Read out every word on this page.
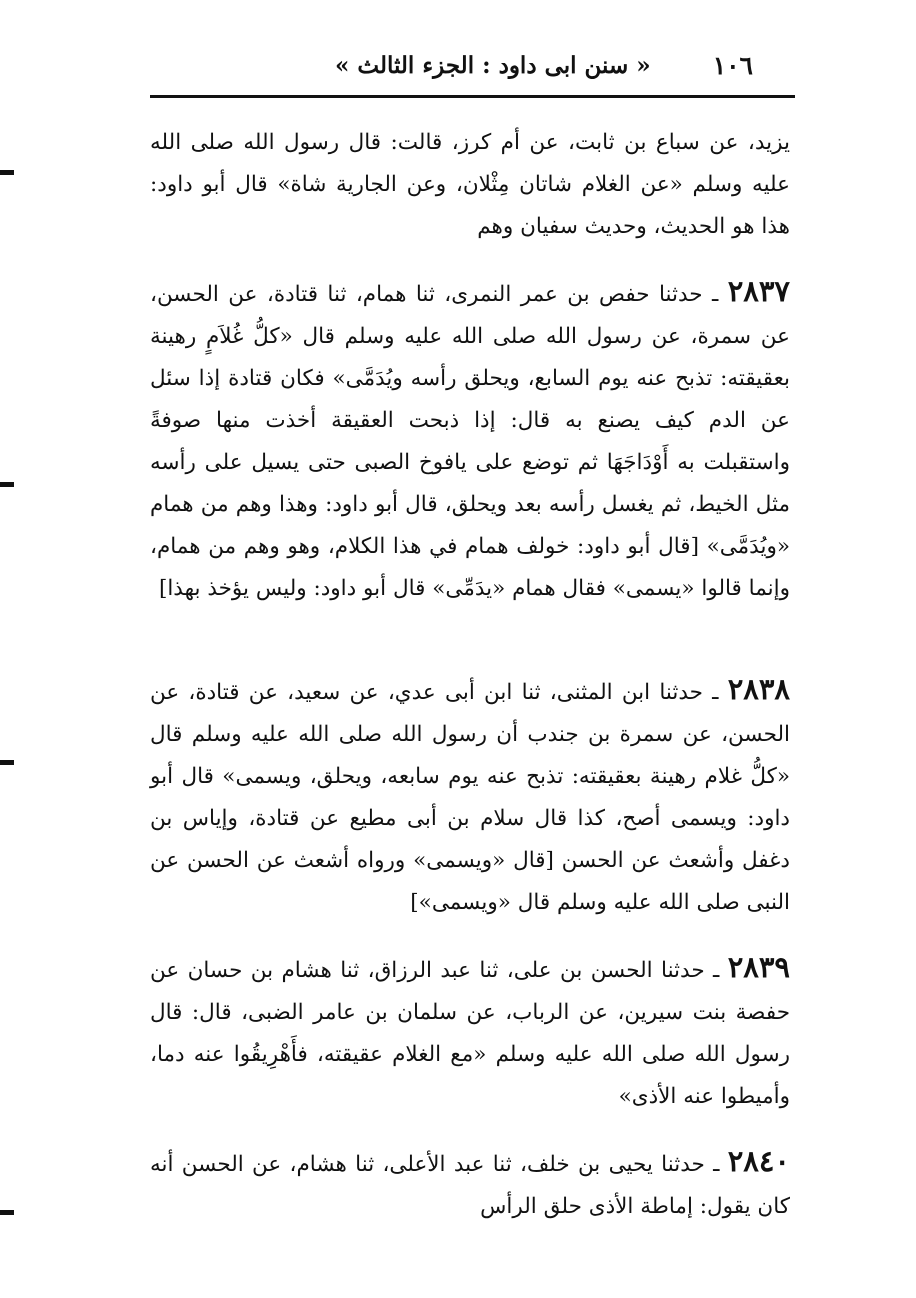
١٠٦
« سنن ابی داود : الجزء الثالث »

يزيد، عن سباع بن ثابت، عن أم كرز، قالت: قال رسول الله صلى الله عليه وسلم «عن الغلام شاتان مِثْلان، وعن الجارية شاة» قال أبو داود: هذا هو الحديث، وحديث سفيان وهم

٢٨٣٧ ـ حدثنا حفص بن عمر النمرى، ثنا همام، ثنا قتادة، عن الحسن، عن سمرة، عن رسول الله صلى الله عليه وسلم قال «كلُّ غُلاَمٍ رهينة بعقيقته: تذبح عنه يوم السابع، ويحلق رأسه ويُدَمَّى» فكان قتادة إذا سئل عن الدم كيف يصنع به قال: إذا ذبحت العقيقة أخذت منها صوفةً واستقبلت به أَوْدَاجَهَا ثم توضع على يافوخ الصبى حتى يسيل على رأسه مثل الخيط، ثم يغسل رأسه بعد ويحلق، قال أبو داود: وهذا وهم من همام «ويُدَمَّى» [قال أبو داود: خولف همام في هذا الكلام، وهو وهم من همام، وإنما قالوا «يسمى» فقال همام «يدَمِّى» قال أبو داود: وليس يؤخذ بهذا]

٢٨٣٨ ـ حدثنا ابن المثنى، ثنا ابن أبى عدي، عن سعيد، عن قتادة، عن الحسن، عن سمرة بن جندب أن رسول الله صلى الله عليه وسلم قال «كلُّ غلام رهينة بعقيقته: تذبح عنه يوم سابعه، ويحلق، ويسمى» قال أبو داود: ويسمى أصح، كذا قال سلام بن أبى مطيع عن قتادة، وإياس بن دغفل وأشعث عن الحسن [قال «ويسمى» ورواه أشعث عن الحسن عن النبى صلى الله عليه وسلم قال «ويسمى»]

٢٨٣٩ ـ حدثنا الحسن بن على، ثنا عبد الرزاق، ثنا هشام بن حسان عن حفصة بنت سيرين، عن الرباب، عن سلمان بن عامر الضبى، قال: قال رسول الله صلى الله عليه وسلم «مع الغلام عقيقته، فأَهْرِيقُوا عنه دما، وأميطوا عنه الأذى»

٢٨٤٠ ـ حدثنا يحيى بن خلف، ثنا عبد الأعلى، ثنا هشام، عن الحسن أنه كان يقول: إماطة الأذى حلق الرأس
